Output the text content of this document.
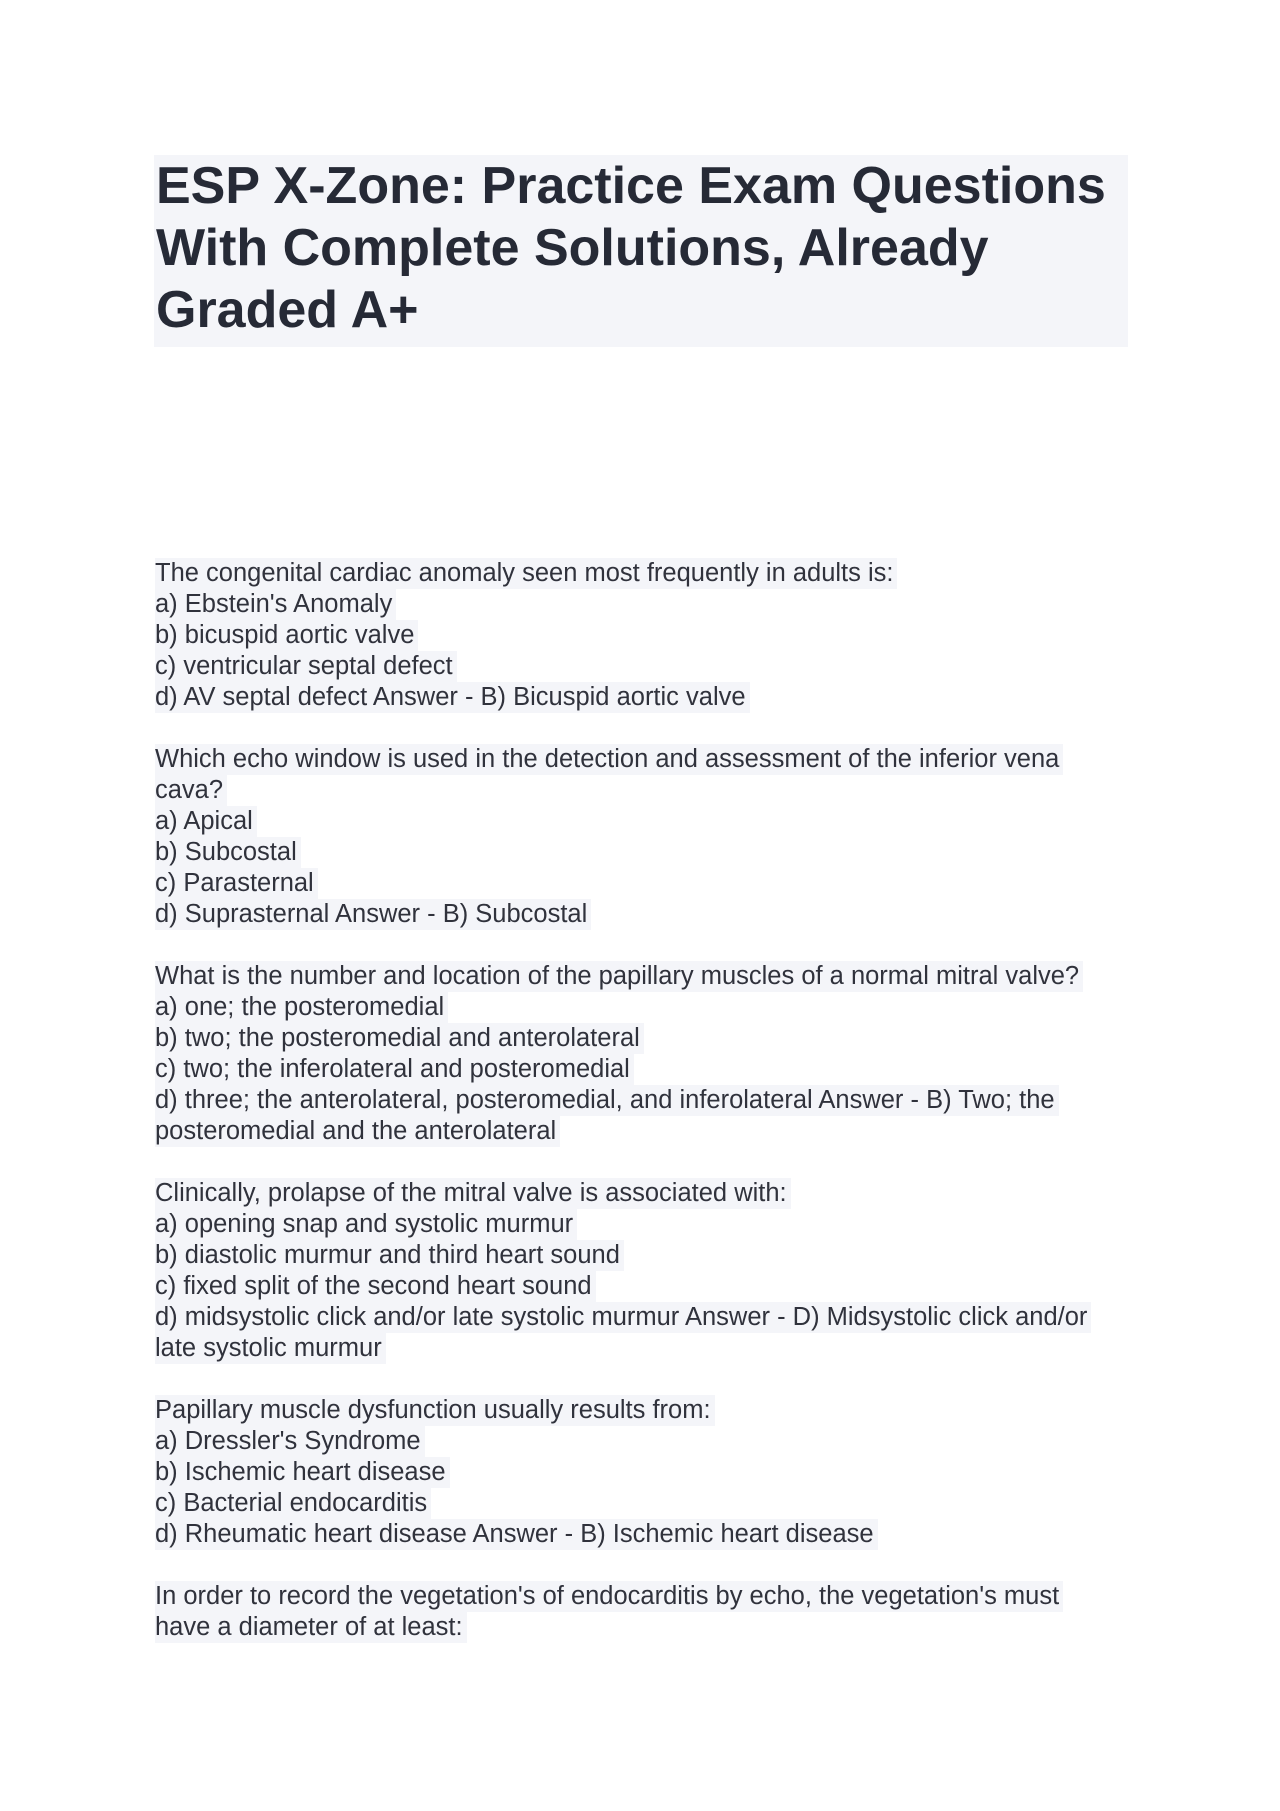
ESP X-Zone: Practice Exam Questions
With Complete Solutions, Already
Graded A+
The congenital cardiac anomaly seen most frequently in adults is:
a) Ebstein's Anomaly
b) bicuspid aortic valve
c) ventricular septal defect
d) AV septal defect Answer - B) Bicuspid aortic valve
Which echo window is used in the detection and assessment of the inferior vena
cava?
a) Apical
b) Subcostal
c) Parasternal
d) Suprasternal Answer - B) Subcostal
What is the number and location of the papillary muscles of a normal mitral valve?
a) one; the posteromedial
b) two; the posteromedial and anterolateral
c) two; the inferolateral and posteromedial
d) three; the anterolateral, posteromedial, and inferolateral Answer - B) Two; the
posteromedial and the anterolateral
Clinically, prolapse of the mitral valve is associated with:
a) opening snap and systolic murmur
b) diastolic murmur and third heart sound
c) fixed split of the second heart sound
d) midsystolic click and/or late systolic murmur Answer - D) Midsystolic click and/or
late systolic murmur
Papillary muscle dysfunction usually results from:
a) Dressler's Syndrome
b) Ischemic heart disease
c) Bacterial endocarditis
d) Rheumatic heart disease Answer - B) Ischemic heart disease
In order to record the vegetation's of endocarditis by echo, the vegetation's must
have a diameter of at least:
